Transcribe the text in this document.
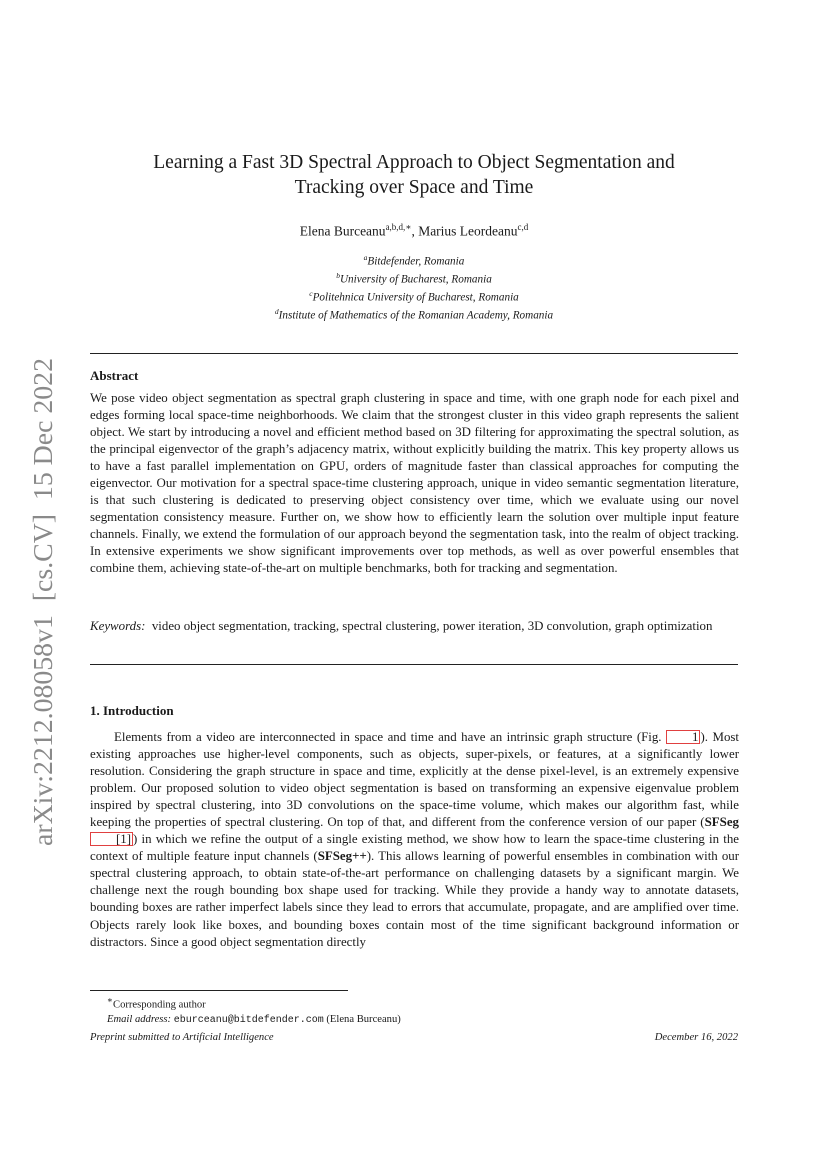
arXiv:2212.08058v1  [cs.CV]  15 Dec 2022
Learning a Fast 3D Spectral Approach to Object Segmentation and
Tracking over Space and Time
Elena Burceanu$^{a,b,d,∗}$, Marius Leordeanu$^{c,d}$
$^a$Bitdefender, Romania
$^b$University of Bucharest, Romania
$^c$Politehnica University of Bucharest, Romania
$^d$Institute of Mathematics of the Romanian Academy, Romania
Abstract
We pose video object segmentation as spectral graph clustering in space and time, with one graph node for each pixel and edges forming local space-time neighborhoods. We claim that the strongest cluster in this video graph represents the salient object. We start by introducing a novel and efficient method based on 3D filtering for approximating the spectral solution, as the principal eigenvector of the graph’s adjacency matrix, without explicitly building the matrix. This key property allows us to have a fast parallel implementation on GPU, orders of magnitude faster than classical approaches for computing the eigenvector. Our motivation for a spectral space-time clustering approach, unique in video semantic segmentation literature, is that such clustering is dedicated to preserving object consistency over time, which we evaluate using our novel segmentation consistency measure. Further on, we show how to efficiently learn the solution over multiple input feature channels. Finally, we extend the formulation of our approach beyond the segmentation task, into the realm of object tracking. In extensive experiments we show significant improvements over top methods, as well as over powerful ensembles that combine them, achieving state-of-the-art on multiple benchmarks, both for tracking and segmentation.
Keywords: video object segmentation, tracking, spectral clustering, power iteration, 3D convolution, graph optimization
1. Introduction
Elements from a video are interconnected in space and time and have an intrinsic graph structure (Fig. 1 ). Most existing approaches use higher-level components, such as objects, super-pixels, or features, at a significantly lower resolution. Considering the graph structure in space and time, explicitly at the dense pixel-level, is an extremely expensive problem. Our proposed solution to video object segmentation is based on transforming an expensive eigenvalue problem inspired by spectral clustering, into 3D convolutions on the space-time volume, which makes our algorithm fast, while keeping the properties of spectral clustering. On top of that, and different from the conference version of our paper (SFSeg [1] ) in which we refine the output of a single existing method, we show how to learn the space-time clustering in the context of multiple feature input channels (SFSeg++). This allows learning of powerful ensembles in combination with our spectral clustering approach, to obtain state-of-the-art performance on challenging datasets by a significant margin. We challenge next the rough bounding box shape used for tracking. While they provide a handy way to annotate datasets, bounding boxes are rather imperfect labels since they lead to errors that accumulate, propagate, and are amplified over time. Objects rarely look like boxes, and bounding boxes contain most of the time significant background information or distractors. Since a good object segmentation directly
∗Corresponding author
Email address: eburceanu@bitdefender.com (Elena Burceanu)
Preprint submitted to Artificial Intelligence	December 16, 2022
